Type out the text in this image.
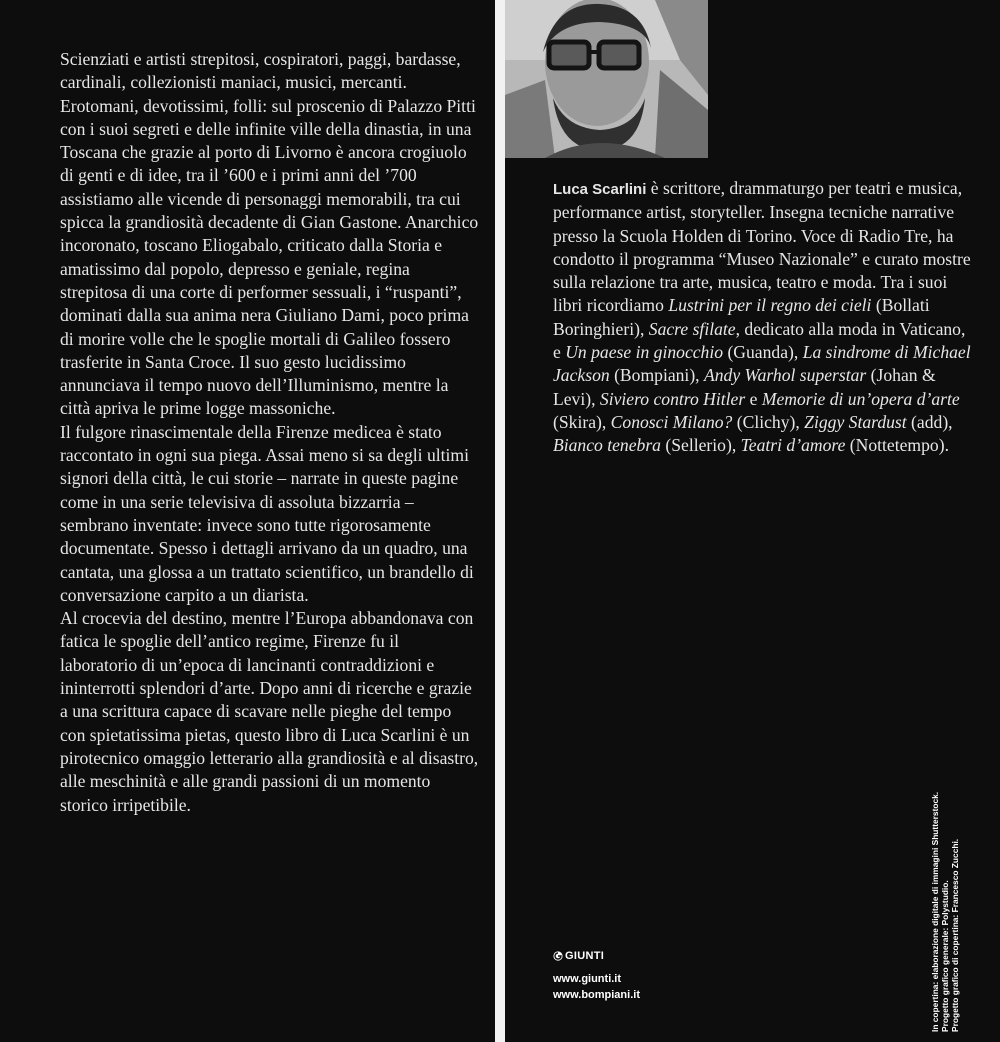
Scienziati e artisti strepitosi, cospiratori, paggi, bardasse, cardinali, collezionisti maniaci, musici, mercanti. Erotomani, devotissimi, folli: sul proscenio di Palazzo Pitti con i suoi segreti e delle infinite ville della dinastia, in una Toscana che grazie al porto di Livorno è ancora crogiuolo di genti e di idee, tra il ’600 e i primi anni del ’700 assistiamo alle vicende di personaggi memorabili, tra cui spicca la grandiosità decadente di Gian Gastone. Anarchico incoronato, toscano Eliogabalo, criticato dalla Storia e amatissimo dal popolo, depresso e geniale, regina strepitosa di una corte di performer sessuali, i “ruspanti”, dominati dalla sua anima nera Giuliano Dami, poco prima di morire volle che le spoglie mortali di Galileo fossero trasferite in Santa Croce. Il suo gesto lucidissimo annunciava il tempo nuovo dell’Illuminismo, mentre la città apriva le prime logge massoniche.

Il fulgore rinascimentale della Firenze medicea è stato raccontato in ogni sua piega. Assai meno si sa degli ultimi signori della città, le cui storie – narrate in queste pagine come in una serie televisiva di assoluta bizzarria – sembrano inventate: invece sono tutte rigorosamente documentate. Spesso i dettagli arrivano da un quadro, una cantata, una glossa a un trattato scientifico, un brandello di conversazione carpito a un diarista.

Al crocevia del destino, mentre l’Europa abbandonava con fatica le spoglie dell’antico regime, Firenze fu il laboratorio di un’epoca di lancinanti contraddizioni e ininterrotti splendori d’arte. Dopo anni di ricerche e grazie a una scrittura capace di scavare nelle pieghe del tempo con spietatissima pietas, questo libro di Luca Scarlini è un pirotecnico omaggio letterario alla grandiosità e al disastro, alle meschinità e alle grandi passioni di un momento storico irripetibile.

Luca Scarlini è scrittore, drammaturgo per teatri e musica, performance artist, storyteller. Insegna tecniche narrative presso la Scuola Holden di Torino. Voce di Radio Tre, ha condotto il programma “Museo Nazionale” e curato mostre sulla relazione tra arte, musica, teatro e moda. Tra i suoi libri ricordiamo Lustrini per il regno dei cieli (Bollati Boringhieri), Sacre sfilate, dedicato alla moda in Vaticano, e Un paese in ginocchio (Guanda), La sindrome di Michael Jackson (Bompiani), Andy Warhol superstar (Johan & Levi), Siviero contro Hitler e Memorie di un’opera d’arte (Skira), Conosci Milano? (Clichy), Ziggy Stardust (add), Bianco tenebra (Sellerio), Teatri d’amore (Nottetempo).
GIUNTI
www.giunti.it
www.bompiani.it	In copertina: elaborazione digitale di immagini Shutterstock. Progetto grafico generale: Polystudio. Progetto grafico di copertina: Francesco Zucchi.
